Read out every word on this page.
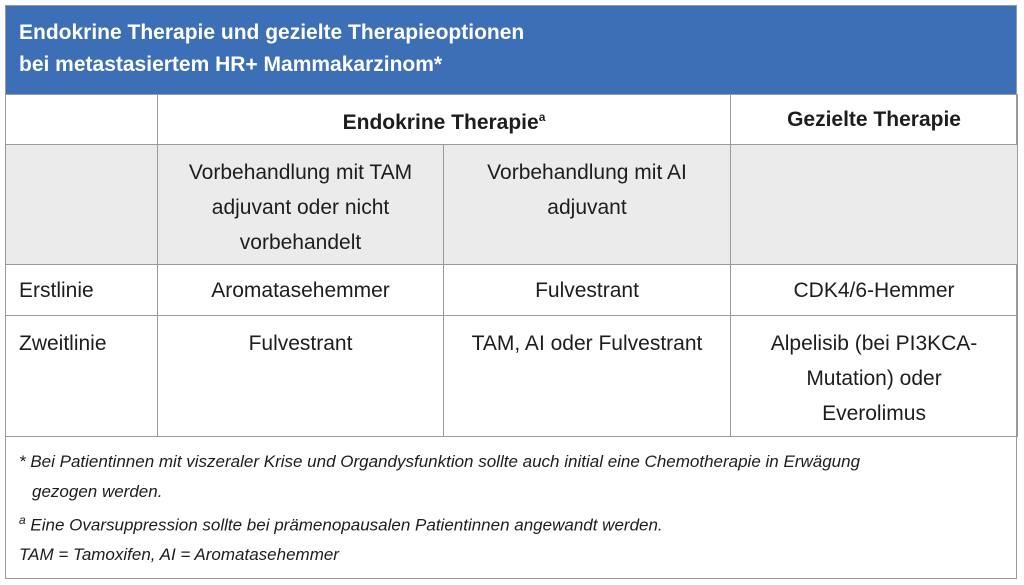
Endokrine Therapie und gezielte Therapieoptionen
bei metastasiertem HR+ Mammakarzinom*
	Endokrine Therapie$^a$		Gezielte Therapie

	Vorbehandlung mit TAM
adjuvant oder nicht
vorbehandelt	Vorbehandlung mit AI
adjuvant	

Erstlinie	Aromatasehemmer	Fulvestrant	CDK4/6-Hemmer
Zweitlinie	Fulvestrant	TAM, AI oder Fulvestrant	Alpelisib (bei PI3KCA-
Mutation) oder
Everolimus
* Bei Patientinnen mit viszeraler Krise und Organdysfunktion sollte auch initial eine Chemotherapie in Erwägung
gezogen werden.
$^a$ Eine Ovarsuppression sollte bei prämenopausalen Patientinnen angewandt werden.
TAM = Tamoxifen, AI = Aromatasehemmer
